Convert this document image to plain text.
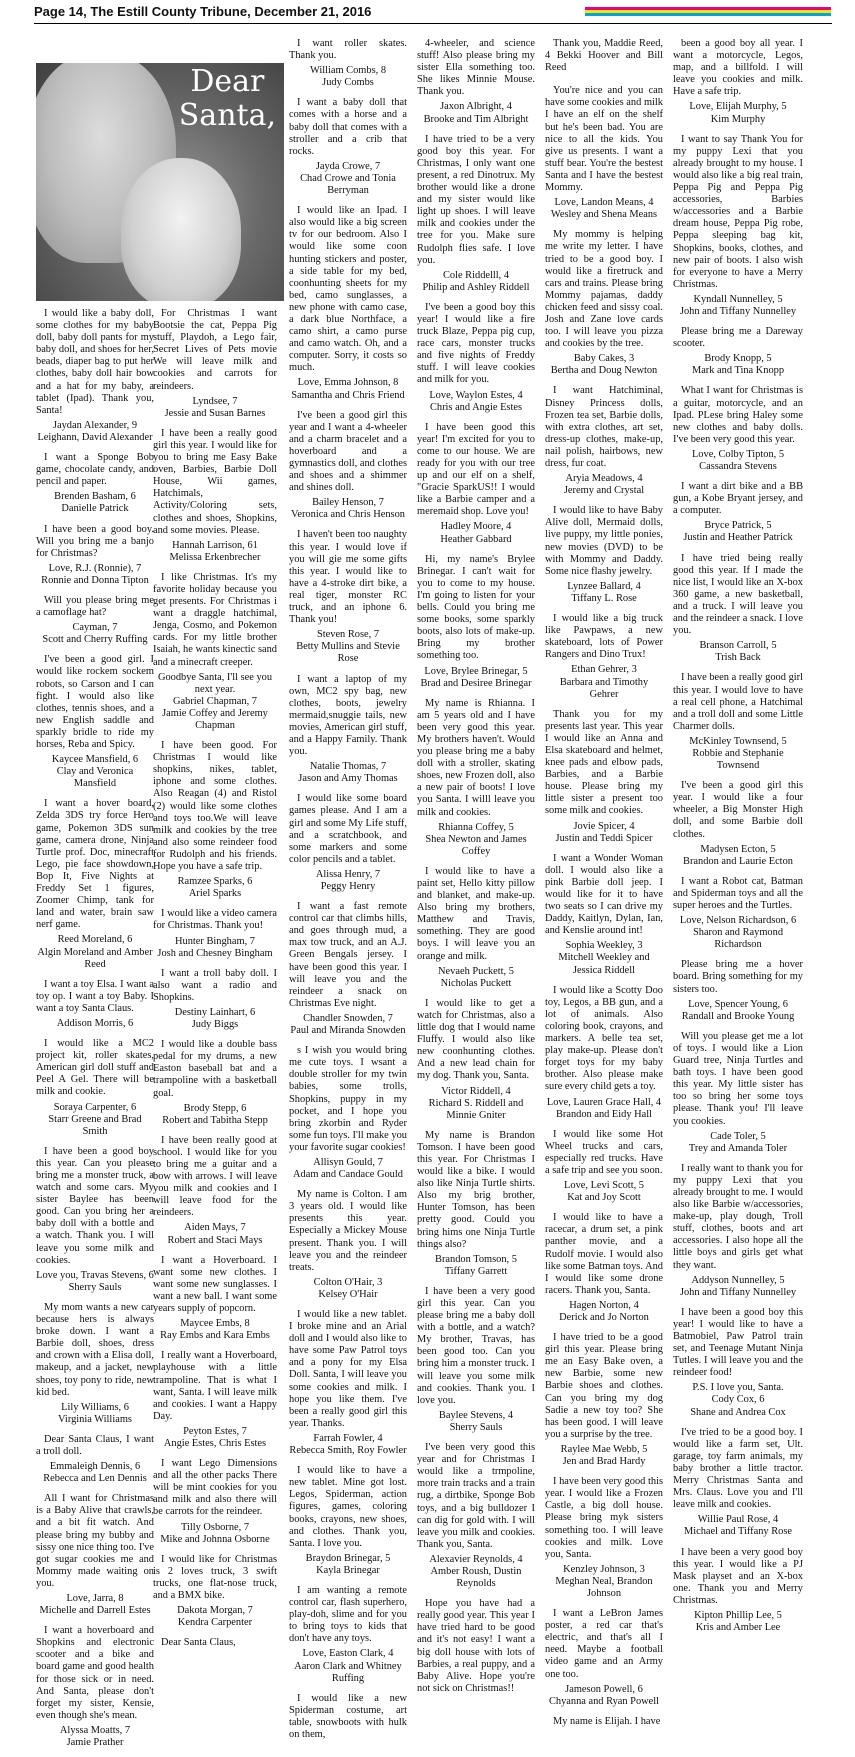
Page 14, The Estill County Tribune, December 21, 2016
Dear
Santa,

I would like a baby doll, some clothes for my baby doll, baby doll pants for my baby doll, and shoes for her, beads, diaper bag to put her clothes, baby doll hair bow and a hat for my baby, a tablet (Ipad). Thank you, Santa!

Jaydan Alexander, 9
Leighann, David Alexander

I want a Sponge Bob game, chocolate candy, and pencil and paper.

Brenden Basham, 6
Danielle Patrick

I have been a good boy. Will you bring me a banjo for Christmas?

Love, R.J. (Ronnie), 7
Ronnie and Donna Tipton

Will you please bring me a camoflage hat?

Cayman, 7
Scott and Cherry Ruffing

I've been a good girl. I would like rockem sockem robots, so Carson and I can fight. I would also like clothes, tennis shoes, and a new English saddle and sparkly bridle to ride my horses, Reba and Spicy.

Kaycee Mansfield, 6
Clay and Veronica Mansfield

I want a hover board, Zelda 3DS try force Hero game, Pokemon 3DS sun game, camera drone, Ninja Turtle prof. Doc, minecraft Lego, pie face showdown, Bop It, Five Nights at Freddy Set 1 figures, Zoomer Chimp, tank for land and water, brain saw nerf game.

Reed Moreland, 6
Algin Moreland and Amber Reed

I want a toy Elsa. I want a toy op. I want a toy Baby. I want a toy Santa Claus.

Addison Morris, 6

I would like a MC2 project kit, roller skates, American girl doll stuff and Peel A Gel. There will be milk and cookie.

Soraya Carpenter, 6
Starr Greene and Brad Smith

I have been a good boy this year. Can you please bring me a monster truck, a watch and some cars. My sister Baylee has been good. Can you bring her a baby doll with a bottle and a watch. Thank you. I will leave you some milk and cookies.

Love you, Travas Stevens, 6
Sherry Sauls

My mom wants a new car because hers is always broke down. I want a Barbie doll, shoes, dress and crown with a Elisa doll, makeup, and a jacket, new shoes, toy pony to ride, new kid bed.

Lily Williams, 6
Virginia Williams

Dear Santa Claus, I want a troll doll.

Emmaleigh Dennis, 6
Rebecca and Len Dennis

All I want for Christmas is a Baby Alive that crawls, and a bit fit watch. And please bring my bubby and sissy one nice thing too. I've got sugar cookies me and Mommy made waiting on you.

Love, Jarra, 8
Michelle and Darrell Estes

I want a hoverboard and Shopkins and electronic scooter and a bike and board game and good health for those sick or in need. And Santa, please don't forget my sister, Kensie, even though she's mean.

Alyssa Moatts, 7
Jamie Prather

For Christmas I want Bootsie the cat, Peppa Pig stuff, Playdoh, a Lego fair, Secret Lives of Pets movie We will leave milk and cookies and carrots for reindeers.

Lyndsee, 7
Jessie and Susan Barnes

I have been a really good girl this year. I would like for you to bring me Easy Bake oven, Barbies, Barbie Doll House, Wii games, Hatchimals, Activity/Coloring sets, clothes and shoes, Shopkins, and some movies. Please.

Hannah Larrison, 61
Melissa Erkenbrecher

I like Christmas. It's my favorite holiday because you get presents. For Christmas i want a draggle hatchimal, Jenga, Cosmo, and Pokemon cards. For my little brother Isaiah, he wants kinectic sand and a minecraft creeper.

Goodbye Santa, I'll see you next year.
Gabriel Chapman, 7
Jamie Coffey and Jeremy Chapman

I have been good. For Christmas I would like shopkins, nikes, tablet, iphone and some clothes. Also Reagan (4) and Ristol (2) would like some clothes and toys too.We will leave milk and cookies by the tree and also some reindeer food for Rudolph and his friends. Hope you have a safe trip.

Ramzee Sparks, 6
Ariel Sparks

I would like a video camera for Christmas. Thank you!

Hunter Bingham, 7
Josh and Chesney Bingham

I want a troll baby doll. I also want a radio and Shopkins.

Destiny Lainhart, 6
Judy Biggs

I would like a double bass pedal for my drums, a new Easton baseball bat and a trampoline with a basketball goal.

Brody Stepp, 6
Robert and Tabitha Stepp

I have been really good at school. I would like for you to bring me a guitar and a bow with arrows. I will leave you milk and cookies and I will leave food for the reindeers.

Aiden Mays, 7
Robert and Staci Mays

I want a Hoverboard. I want some new clothes. I want some new sunglasses. I want a new ball. I want some years supply of popcorn.

Maycee Embs, 8
Ray Embs and Kara Embs

I really want a Hoverboard, playhouse with a little trampoline. That is what I want, Santa. I will leave milk and cookies. I want a Happy Day.

Peyton Estes, 7
Angie Estes, Chris Estes

I want Lego Dimensions and all the other packs There will be mint cookies for you and milk and also there will be carrots for the reindeer.

Tilly Osborne, 7
Mike and Johnna Osborne

I would like for Christmas is 2 loves truck, 3 swift trucks, one flat-nose truck, and a BMX bike.

Dakota Morgan, 7
Kendra Carpenter

Dear Santa Claus,

I want roller skates. Thank you.

William Combs, 8
Judy Combs

I want a baby doll that comes with a horse and a baby doll that comes with a stroller and a crib that rocks.

Jayda Crowe, 7
Chad Crowe and Tonia Berryman

I would like an Ipad. I also would like a big screen tv for our bedroom. Also I would like some coon hunting stickers and poster, a side table for my bed, coonhunting sheets for my bed, camo sunglasses, a new phone with camo case, a dark blue Northface, a camo shirt, a camo purse and camo watch. Oh, and a computer. Sorry, it costs so much.

Love, Emma Johnson, 8
Samantha and Chris Friend

I've been a good girl this year and I want a 4-wheeler and a charm bracelet and a hoverboard and a gymnastics doll, and clothes and shoes and a shimmer and shines doll.

Bailey Henson, 7
Veronica and Chris Henson

I haven't been too naughty this year. I would love if you will gie me some gifts this year. I would like to have a 4-stroke dirt bike, a real tiger, monster RC truck, and an iphone 6. Thank you!

Steven Rose, 7
Betty Mullins and Stevie Rose

I want a laptop of my own, MC2 spy bag, new clothes, boots, jewelry mermaid,snuggie tails, new movies, American girl stuff, and a Happy Family. Thank you.

Natalie Thomas, 7
Jason and Amy Thomas

I would like some board games please. And I am a girl and some My Life stuff, and a scratchbook, and some markers and some color pencils and a tablet.

Alissa Henry, 7
Peggy Henry

I want a fast remote control car that climbs hills, and goes through mud, a max tow truck, and an A.J. Green Bengals jersey. I have been good this year. I will leave you and the reindeer a snack on Christmas Eve night.

Chandler Snowden, 7
Paul and Miranda Snowden

s I wish you would bring me cute toys. I wsant a double stroller for my twin babies, some trolls, Shopkins, puppy in my pocket, and I hope you bring zkorbin and Ryder some fun toys. I'll make you your favorite sugar cookies!

Allisyn Gould, 7
Adam and Candace Gould

My name is Colton. I am 3 years old. I would like presents this year. Especially a Mickey Mouse present. Thank you. I will leave you and the reindeer treats.

Colton O'Hair, 3
Kelsey O'Hair

I would like a new tablet. I broke mine and an Arial doll and I would also like to have some Paw Patrol toys and a pony for my Elsa Doll. Santa, I will leave you some cookies and milk. I hope you like them. I've been a really good girl this year. Thanks.

Farrah Fowler, 4
Rebecca Smith, Roy Fowler

I would like to have a new tablet. Mine got lost. Legos, Spiderman, action figures, games, coloring books, crayons, new shoes, and clothes. Thank you, Santa. I love you.

Braydon Brinegar, 5
Kayla Brinegar

I am wanting a remote control car, flash superhero, play-doh, slime and for you to bring toys to kids that don't have any toys.

Love, Easton Clark, 4
Aaron Clark and Whitney Ruffing

I would like a new Spiderman costume, art table, snowboots with hulk on them,

4-wheeler, and science stuff! Also please bring my sister Ella something too. She likes Minnie Mouse. Thank you.

Jaxon Albright, 4
Brooke and Tim Albright

I have tried to be a very good boy this year. For Christmas, I only want one present, a red Dinotrux. My brother would like a drone and my sister would like light up shoes. I will leave milk and cookies under the tree for you. Make sure Rudolph flies safe. I love you.

Cole Riddelll, 4
Philip and Ashley Riddell

I've been a good boy this year! I would like a fire truck Blaze, Peppa pig cup, race cars, monster trucks and five nights of Freddy stuff. I will leave cookies and milk for you.

Love, Waylon Estes, 4
Chris and Angie Estes

I have been good this year! I'm excited for you to come to our house. We are ready for you with our tree up and our elf on a shelf, "Gracie SparkUS!! I would like a Barbie camper and a meremaid shop. Love you!

Hadley Moore, 4
Heather Gabbard

Hi, my name's Brylee Brinegar. I can't wait for you to come to my house. I'm going to listen for your bells. Could you bring me some books, some sparkly boots, also lots of make-up. Bring my brother something too.

Love, Brylee Brinegar, 5
Brad and Desiree Brinegar

My name is Rhianna. I am 5 years old and I have been very good this year. My brothers haven't. Would you please bring me a baby doll with a stroller, skating shoes, new Frozen doll, also a new pair of boots! I love you Santa. I willl leave you milk and cookies.

Rhianna Coffey, 5
Shea Newton and James Coffey

I would like to have a paint set, Hello kitty pillow and blanket, and make-up. Also bring my brothers, Matthew and Travis, something. They are good boys. I will leave you an orange and milk.

Nevaeh Puckett, 5
Nicholas Puckett

I would like to get a watch for Christmas, also a little dog that I would name Fluffy. I would also like new coonhunting clothes. And a new lead chain for my dog. Thank you, Santa.

Victor Riddell, 4
Richard S. Riddell and Minnie Gniter

My name is Brandon Tomson. I have been good this year. For Christmas I would like a bike. I would also like Ninja Turtle shirts. Also my brig brother, Hunter Tomson, has been pretty good. Could you bring hims one Ninja Turtle things also?

Brandon Tomson, 5
Tiffany Garrett

I have been a very good girl this year. Can you please bring me a baby doll with a bottle, and a watch? My brother, Travas, has been good too. Can you bring him a monster truck. I will leave you some milk and cookies. Thank you. I love you.

Baylee Stevens, 4
Sherry Sauls

I've been very good this year and for Christmas I would like a trmpoline, more train tracks and a train rug, a dirtbike, Sponge Bob toys, and a big bulldozer I can dig for gold with. I will leave you milk and cookies. Thank you, Santa.

Alexavier Reynolds, 4
Amber Roush, Dustin Reynolds

Hope you have had a really good year. This year I have tried hard to be good and it's not easy! I want a big doll house with lots of Barbies, a real puppy, and a Baby Alive. Hope you're not sick on Christmas!!

Thank you, Maddie Reed, 4 Bekki Hoover and Bill Reed

You're nice and you can have some cookies and milk I have an elf on the shelf but he's been bad. You are nice to all the kids. You give us presents. I want a stuff bear. You're the bestest Santa and I have the bestest Mommy.

Love, Landon Means, 4
Wesley and Shena Means

My mommy is helping me write my letter. I have tried to be a good boy. I would like a firetruck and cars and trains. Please bring Mommy pajamas, daddy chicken feed and sissy coal. Josh and Zane love cards too. I will leave you pizza and cookies by the tree.

Baby Cakes, 3
Bertha and Doug Newton

I want Hatchiminal, Disney Princess dolls, Frozen tea set, Barbie dolls, with extra clothes, art set, dress-up clothes, make-up, nail polish, hairbows, new dress, fur coat.

Aryia Meadows, 4
Jeremy and Crystal

I would like to have Baby Alive doll, Mermaid dolls, live puppy, my little ponies, new movies (DVD) to be with Mommy and Daddy. Some nice flashy jewelry.

Lynzee Ballard, 4
Tiffany L. Rose

I would like a big truck like Pawpaws, a new skateboard, lots of Power Rangers and Dino Trux!

Ethan Gehrer, 3
Barbara and Timothy Gehrer

Thank you for my presents last year. This year I would like an Anna and Elsa skateboard and helmet, knee pads and elbow pads, Barbies, and a Barbie house. Please bring my little sister a present too some milk and cookies.

Jovie Spicer, 4
Justin and Teddi Spicer

I want a Wonder Woman doll. I would also like a pink Barbie doll jeep. I would like for it to have two seats so I can drive my Daddy, Kaitlyn, Dylan, Ian, and Kenslie around int!

Sophia Weekley, 3
Mitchell Weekley and Jessica Riddell

I would like a Scotty Doo toy, Legos, a BB gun, and a lot of animals. Also coloring book, crayons, and markers. A belle tea set, play make-up. Please don't forget toys for my baby brother. Also please make sure every child gets a toy.

Love, Lauren Grace Hall, 4
Brandon and Eidy Hall

I would like some Hot Wheel trucks and cars, especially red trucks. Have a safe trip and see you soon.

Love, Levi Scott, 5
Kat and Joy Scott

I would like to have a racecar, a drum set, a pink panther movie, and a Rudolf movie. I would also like some Batman toys. And I would like some drone racers. Thank you, Santa.

Hagen Norton, 4
Derick and Jo Norton

I have tried to be a good girl this year. Please bring me an Easy Bake oven, a new Barbie, some new Barbie shoes and clothes. Can you bring my dog Sadie a new toy too? She has been good. I will leave you a surprise by the tree.

Raylee Mae Webb, 5
Jen and Brad Hardy

I have been very good this year. I would like a Frozen Castle, a big doll house. Please bring myk sisters something too. I will leave cookies and milk. Love you, Santa.

Kenzley Johnson, 3
Meghan Neal, Brandon Johnson

I want a LeBron James poster, a red car that's electric, and that's all I need. Maybe a football video game and an Army one too.

Jameson Powell, 6
Chyanna and Ryan Powell

My name is Elijah. I have

been a good boy all year. I want a motorcycle, Legos, map, and a billfold. I will leave you cookies and milk. Have a safe trip.

Love, Elijah Murphy, 5
Kim Murphy

I want to say Thank You for my puppy Lexi that you already brought to my house. I would also like a big real train, Peppa Pig and Peppa Pig accessories, Barbies w/accessories and a Barbie dream house, Peppa Pig robe, Peppa sleeping bag kit, Shopkins, books, clothes, and new pair of boots. I also wish for everyone to have a Merry Christmas.

Kyndall Nunnelley, 5
John and Tiffany Nunnelley

Please bring me a Dareway scooter.

Brody Knopp, 5
Mark and Tina Knopp

What I want for Christmas is a guitar, motorcycle, and an Ipad. PLese bring Haley some new clothes and baby dolls. I've been very good this year.

Love, Colby Tipton, 5
Cassandra Stevens

I want a dirt bike and a BB gun, a Kobe Bryant jersey, and a computer.

Bryce Patrick, 5
Justin and Heather Patrick

I have tried being really good this year. If I made the nice list, I would like an X-box 360 game, a new basketball, and a truck. I will leave you and the reindeer a snack. I love you.

Branson Carroll, 5
Trish Back

I have been a really good girl this year. I would love to have a real cell phone, a Hatchimal and a troll doll and some Little Charmer dolls.

McKinley Townsend, 5
Robbie and Stephanie Townsend

I've been a good girl this year. I would like a four wheeler, a Big Monster High doll, and some Barbie doll clothes.

Madysen Ecton, 5
Brandon and Laurie Ecton

I want a Robot cat, Batman and Spiderman toys and all the super heroes and the Turtles.

Love, Nelson Richardson, 6
Sharon and Raymond Richardson

Please bring me a hover board. Bring something for my sisters too.

Love, Spencer Young, 6
Randall and Brooke Young

Will you please get me a lot of toys. I would like a Lion Guard tree, Ninja Turtles and bath toys. I have been good this year. My little sister has too so bring her some toys please. Thank you! I'll leave you cookies.

Cade Toler, 5
Trey and Amanda Toler

I really want to thank you for my puppy Lexi that you already brought to me. I would also like Barbie w/accessories, make-up, play dough, Troll stuff, clothes, boots and art accessories. I also hope all the little boys and girls get what they want.

Addyson Nunnelley, 5
John and Tiffany Nunnelley

I have been a good boy this year! I would like to have a Batmobiel, Paw Patrol train set, and Teenage Mutant Ninja Tutles. I will leave you and the reindeer food!

P.S. I love you, Santa.
Cody Cox, 6
Shane and Andrea Cox

I've tried to be a good boy. I would like a farm set, Ult. garage, toy farm animals, my baby brother a little tractor. Merry Christmas Santa and Mrs. Claus. Love you and I'll leave milk and cookies.

Willie Paul Rose, 4
Michael and Tiffany Rose

I have been a very good boy this year. I would like a PJ Mask playset and an X-box one. Thank you and Merry Christmas.

Kipton Phillip Lee, 5
Kris and Amber Lee
